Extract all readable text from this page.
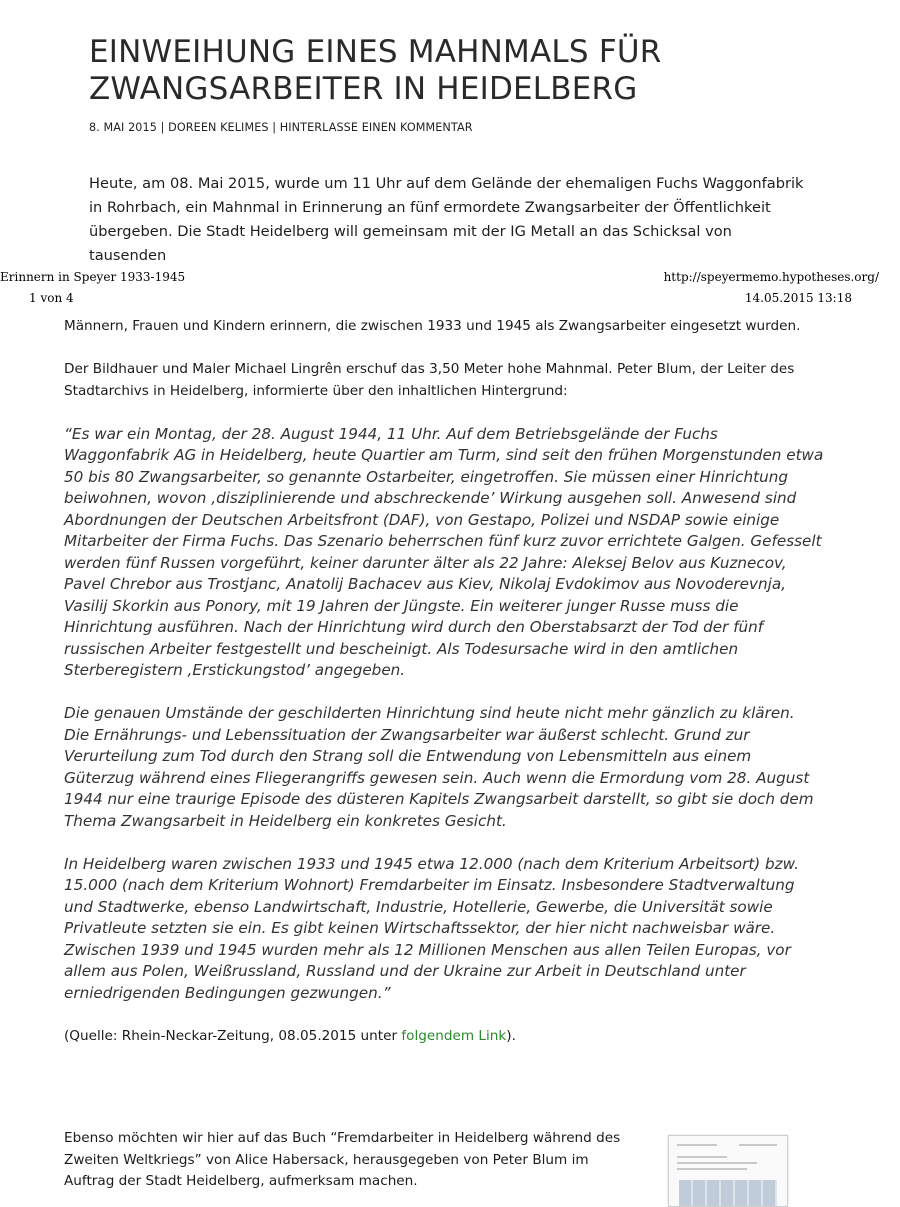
EINWEIHUNG EINES MAHNMALS FÜR ZWANGSARBEITER IN HEIDELBERG
8. MAI 2015 | DOREEN KELIMES | HINTERLASSE EINEN KOMMENTAR

Heute, am 08. Mai 2015, wurde um 11 Uhr auf dem Gelände der ehemaligen Fuchs Waggonfabrik in Rohrbach, ein Mahnmal in Erinnerung an fünf ermordete Zwangsarbeiter der Öffentlichkeit übergeben. Die Stadt Heidelberg will gemeinsam mit der IG Metall an das Schicksal von tausenden

Erinnern in Speyer 1933-1945	http://speyermemo.hypotheses.org/
1 von 4	14.05.2015 13:18

Männern, Frauen und Kindern erinnern, die zwischen 1933 und 1945 als Zwangsarbeiter eingesetzt wurden.

Der Bildhauer und Maler Michael Lingrên erschuf das 3,50 Meter hohe Mahnmal. Peter Blum, der Leiter des Stadtarchivs in Heidelberg, informierte über den inhaltlichen Hintergrund:

“Es war ein Montag, der 28. August 1944, 11 Uhr. Auf dem Betriebsgelände der Fuchs Waggonfabrik AG in Heidelberg, heute Quartier am Turm, sind seit den frühen Morgenstunden etwa 50 bis 80 Zwangsarbeiter, so genannte Ostarbeiter, eingetroffen. Sie müssen einer Hinrichtung beiwohnen, wovon ‚disziplinierende und abschreckende’ Wirkung ausgehen soll. Anwesend sind Abordnungen der Deutschen Arbeitsfront (DAF), von Gestapo, Polizei und NSDAP sowie einige Mitarbeiter der Firma Fuchs. Das Szenario beherrschen fünf kurz zuvor errichtete Galgen. Gefesselt werden fünf Russen vorgeführt, keiner darunter älter als 22 Jahre: Aleksej Belov aus Kuznecov, Pavel Chrebor aus Trostjanc, Anatolij Bachacev aus Kiev, Nikolaj Evdokimov aus Novoderevnja, Vasilij Skorkin aus Ponory, mit 19 Jahren der Jüngste. Ein weiterer junger Russe muss die Hinrichtung ausführen. Nach der Hinrichtung wird durch den Oberstabsarzt der Tod der fünf russischen Arbeiter festgestellt und bescheinigt. Als Todesursache wird in den amtlichen Sterberegistern ‚Erstickungstod’ angegeben.

Die genauen Umstände der geschilderten Hinrichtung sind heute nicht mehr gänzlich zu klären. Die Ernährungs- und Lebenssituation der Zwangsarbeiter war äußerst schlecht. Grund zur Verurteilung zum Tod durch den Strang soll die Entwendung von Lebensmitteln aus einem Güterzug während eines Fliegerangriffs gewesen sein. Auch wenn die Ermordung vom 28. August 1944 nur eine traurige Episode des düsteren Kapitels Zwangsarbeit darstellt, so gibt sie doch dem Thema Zwangsarbeit in Heidelberg ein konkretes Gesicht.

In Heidelberg waren zwischen 1933 und 1945 etwa 12.000 (nach dem Kriterium Arbeitsort) bzw. 15.000 (nach dem Kriterium Wohnort) Fremdarbeiter im Einsatz. Insbesondere Stadtverwaltung und Stadtwerke, ebenso Landwirtschaft, Industrie, Hotellerie, Gewerbe, die Universität sowie Privatleute setzten sie ein. Es gibt keinen Wirtschaftssektor, der hier nicht nachweisbar wäre. Zwischen 1939 und 1945 wurden mehr als 12 Millionen Menschen aus allen Teilen Europas, vor allem aus Polen, Weißrussland, Russland und der Ukraine zur Arbeit in Deutschland unter erniedrigenden Bedingungen gezwungen.”

(Quelle: Rhein-Neckar-Zeitung, 08.05.2015 unter folgendem Link).

Ebenso möchten wir hier auf das Buch “Fremdarbeiter in Heidelberg während des Zweiten Weltkriegs” von Alice Habersack, herausgegeben von Peter Blum im Auftrag der Stadt Heidelberg, aufmerksam machen.
